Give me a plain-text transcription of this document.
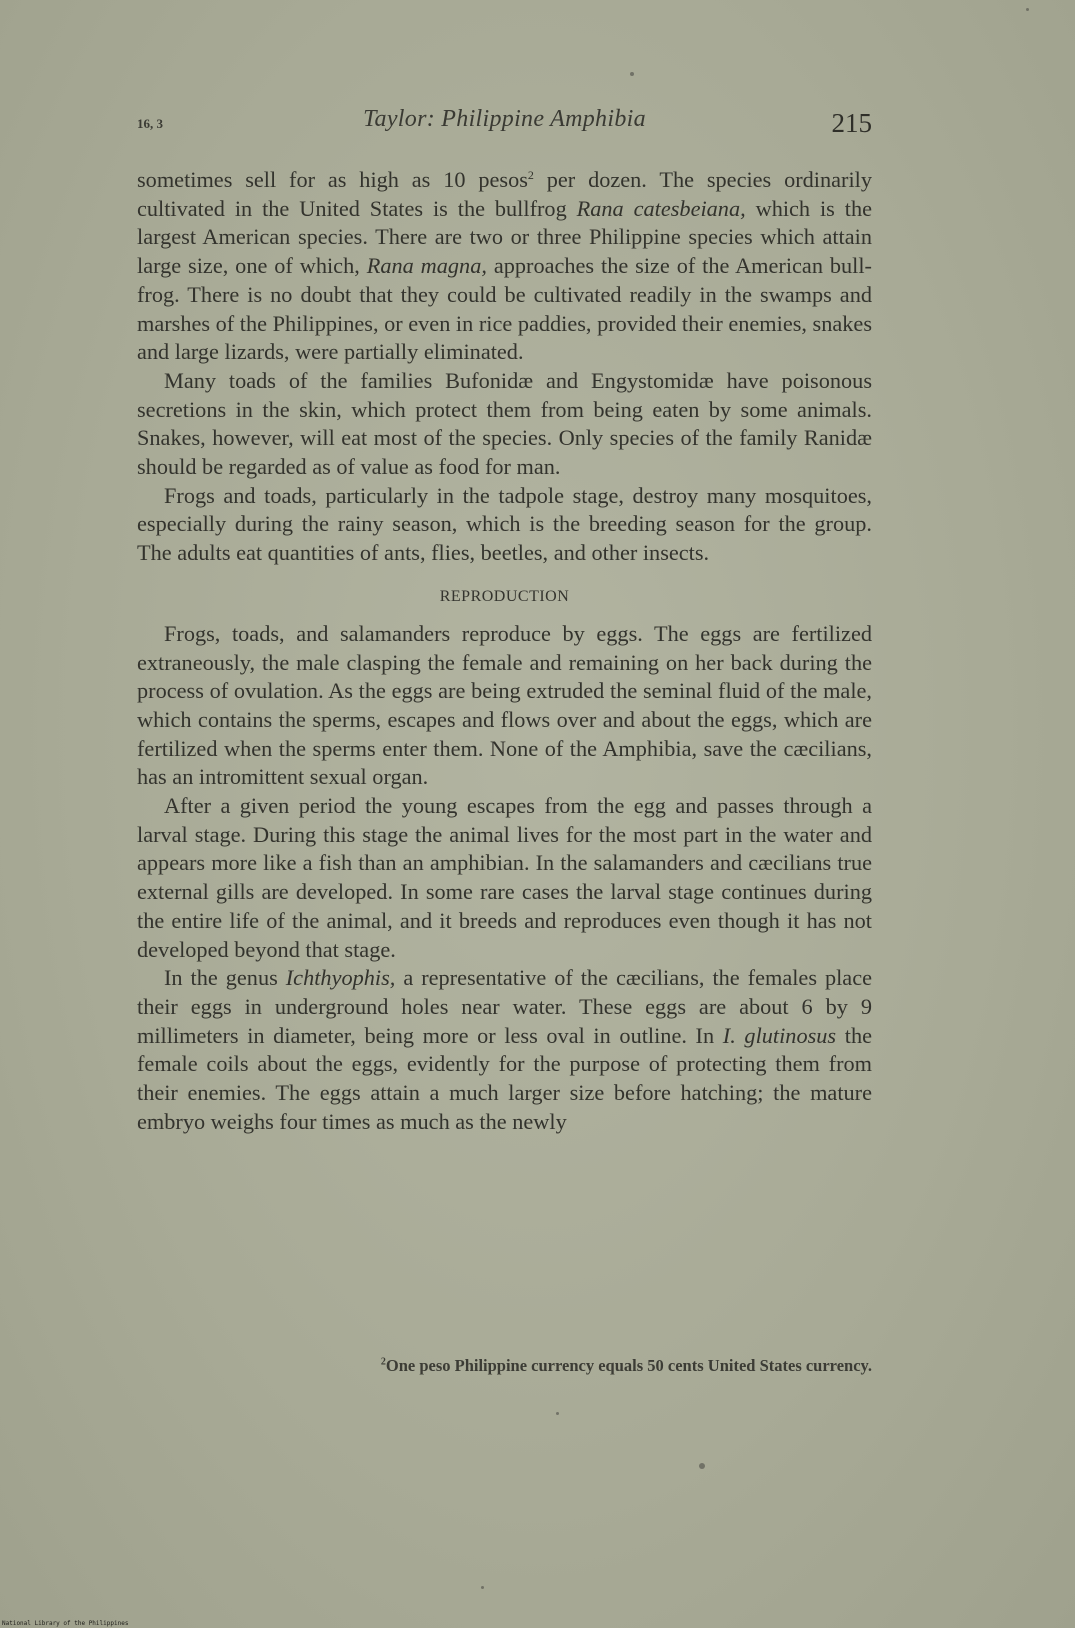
16, 3	Taylor: Philippine Amphibia	215

sometimes sell for as high as 10 pesos$^2$ per dozen. The species ordinarily cultivated in the United States is the bullfrog Rana catesbeiana, which is the largest American species. There are two or three Philippine species which attain large size, one of which, Rana magna, approaches the size of the American bull-frog. There is no doubt that they could be cultivated readily in the swamps and marshes of the Philippines, or even in rice paddies, provided their enemies, snakes and large lizards, were partially eliminated.

Many toads of the families Bufonidæ and Engystomidæ have poisonous secretions in the skin, which protect them from being eaten by some animals. Snakes, however, will eat most of the species. Only species of the family Ranidæ should be regarded as of value as food for man.

Frogs and toads, particularly in the tadpole stage, destroy many mosquitoes, especially during the rainy season, which is the breeding season for the group. The adults eat quantities of ants, flies, beetles, and other insects.

REPRODUCTION

Frogs, toads, and salamanders reproduce by eggs. The eggs are fertilized extraneously, the male clasping the female and remaining on her back during the process of ovulation. As the eggs are being extruded the seminal fluid of the male, which contains the sperms, escapes and flows over and about the eggs, which are fertilized when the sperms enter them. None of the Amphibia, save the cæcilians, has an intromittent sexual organ.

After a given period the young escapes from the egg and passes through a larval stage. During this stage the animal lives for the most part in the water and appears more like a fish than an amphibian. In the salamanders and cæcilians true external gills are developed. In some rare cases the larval stage continues during the entire life of the animal, and it breeds and reproduces even though it has not developed beyond that stage.

In the genus Ichthyophis, a representative of the cæcilians, the females place their eggs in underground holes near water. These eggs are about 6 by 9 millimeters in diameter, being more or less oval in outline. In I. glutinosus the female coils about the eggs, evidently for the purpose of protecting them from their enemies. The eggs attain a much larger size before hatching; the mature embryo weighs four times as much as the newly

$^2$One peso Philippine currency equals 50 cents United States currency.
National Library of the Philippines
